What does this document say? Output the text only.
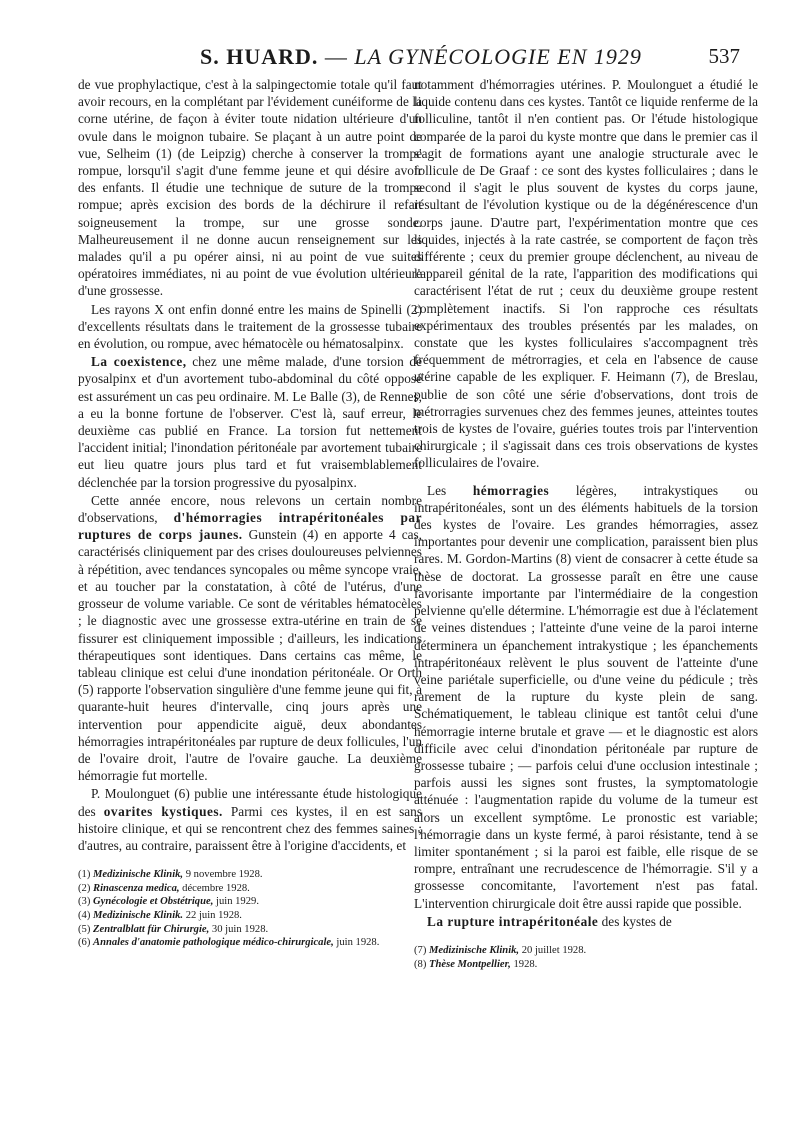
S. HUARD. — LA GYNÉCOLOGIE EN 1929	537

de vue prophylactique, c'est à la salpingectomie totale qu'il faut avoir recours, en la complétant par l'évidement cunéiforme de la corne utérine, de façon à éviter toute nidation ultérieure d'un ovule dans le moignon tubaire. Se plaçant à un autre point de vue, Selheim (1) (de Leipzig) cherche à conserver la trompe rompue, lorsqu'il s'agit d'une femme jeune et qui désire avoir des enfants. Il étudie une technique de suture de la trompe rompue; après excision des bords de la déchirure il refait soigneusement la trompe, sur une grosse sonde. Malheureusement il ne donne aucun renseignement sur les malades qu'il a pu opérer ainsi, ni au point de vue suites opératoires immédiates, ni au point de vue évolution ultérieure d'une grossesse.

Les rayons X ont enfin donné entre les mains de Spinelli (2) d'excellents résultats dans le traitement de la grossesse tubaire en évolution, ou rompue, avec hématocèle ou hématosalpinx.

La coexistence, chez une même malade, d'une torsion de pyosalpinx et d'un avortement tubo-abdominal du côté opposé est assurément un cas peu ordinaire. M. Le Balle (3), de Rennes, a eu la bonne fortune de l'observer. C'est là, sauf erreur, le deuxième cas publié en France. La torsion fut nettement l'accident initial; l'inondation péritonéale par avortement tubaire eut lieu quatre jours plus tard et fut vraisemblablement déclenchée par la torsion progressive du pyosalpinx.

Cette année encore, nous relevons un certain nombre d'observations, d'hémorragies intrapéritonéales par ruptures de corps jaunes. Gunstein (4) en apporte 4 cas, caractérisés cliniquement par des crises douloureuses pelviennes à répétition, avec tendances syncopales ou même syncope vraie, et au toucher par la constatation, à côté de l'utérus, d'une grosseur de volume variable. Ce sont de véritables hématocèles ; le diagnostic avec une grossesse extra-utérine en train de se fissurer est cliniquement impossible ; d'ailleurs, les indications thérapeutiques sont identiques. Dans certains cas même, le tableau clinique est celui d'une inondation péritonéale. Or Orth (5) rapporte l'observation singulière d'une femme jeune qui fit, à quarante-huit heures d'intervalle, cinq jours après une intervention pour appendicite aiguë, deux abondantes hémorragies intrapéritonéales par rupture de deux follicules, l'un de l'ovaire droit, l'autre de l'ovaire gauche. La deuxième hémorragie fut mortelle.

P. Moulonguet (6) publie une intéressante étude histologique des ovarites kystiques. Parmi ces kystes, il en est sans histoire clinique, et qui se rencontrent chez des femmes saines ; d'autres, au contraire, paraissent être à l'origine d'accidents, et

(1) Medizinische Klinik, 9 novembre 1928.
(2) Rinascenza medica, décembre 1928.
(3) Gynécologie et Obstétrique, juin 1929.
(4) Medizinische Klinik. 22 juin 1928.
(5) Zentralblatt für Chirurgie, 30 juin 1928.
(6) Annales d'anatomie pathologique médico-chirurgicale, juin 1928.

notamment d'hémorragies utérines. P. Moulonguet a étudié le liquide contenu dans ces kystes. Tantôt ce liquide renferme de la folliculine, tantôt il n'en contient pas. Or l'étude histologique comparée de la paroi du kyste montre que dans le premier cas il s'agit de formations ayant une analogie structurale avec le follicule de De Graaf : ce sont des kystes folliculaires ; dans le second il s'agit le plus souvent de kystes du corps jaune, résultant de l'évolution kystique ou de la dégénérescence d'un corps jaune. D'autre part, l'expérimentation montre que ces liquides, injectés à la rate castrée, se comportent de façon très différente ; ceux du premier groupe déclenchent, au niveau de l'appareil génital de la rate, l'apparition des modifications qui caractérisent l'état de rut ; ceux du deuxième groupe restent complètement inactifs. Si l'on rapproche ces résultats expérimentaux des troubles présentés par les malades, on constate que les kystes folliculaires s'accompagnent très fréquemment de métrorragies, et cela en l'absence de cause utérine capable de les expliquer. F. Heimann (7), de Breslau, publie de son côté une série d'observations, dont trois de métrorragies survenues chez des femmes jeunes, atteintes toutes trois de kystes de l'ovaire, guéries toutes trois par l'intervention chirurgicale ; il s'agissait dans ces trois observations de kystes folliculaires de l'ovaire.

Les hémorragies légères, intrakystiques ou intrapéritonéales, sont un des éléments habituels de la torsion des kystes de l'ovaire. Les grandes hémorragies, assez importantes pour devenir une complication, paraissent bien plus rares. M. Gordon-Martins (8) vient de consacrer à cette étude sa thèse de doctorat. La grossesse paraît en être une cause favorisante importante par l'intermédiaire de la congestion pelvienne qu'elle détermine. L'hémorragie est due à l'éclatement de veines distendues ; l'atteinte d'une veine de la paroi interne déterminera un épanchement intrakystique ; les épanchements intrapéritonéaux relèvent le plus souvent de l'atteinte d'une veine pariétale superficielle, ou d'une veine du pédicule ; très rarement de la rupture du kyste plein de sang. Schématiquement, le tableau clinique est tantôt celui d'une hémorragie interne brutale et grave — et le diagnostic est alors difficile avec celui d'inondation péritonéale par rupture de grossesse tubaire ; — parfois celui d'une occlusion intestinale ; parfois aussi les signes sont frustes, la symptomatologie atténuée : l'augmentation rapide du volume de la tumeur est alors un excellent symptôme. Le pronostic est variable; l'hémorragie dans un kyste fermé, à paroi résistante, tend à se limiter spontanément ; si la paroi est faible, elle risque de se rompre, entraînant une recrudescence de l'hémorragie. S'il y a grossesse concomitante, l'avortement n'est pas fatal. L'intervention chirurgicale doit être aussi rapide que possible.

La rupture intrapéritonéale des kystes de

(7) Medizinische Klinik, 20 juillet 1928.
(8) Thèse Montpellier, 1928.
